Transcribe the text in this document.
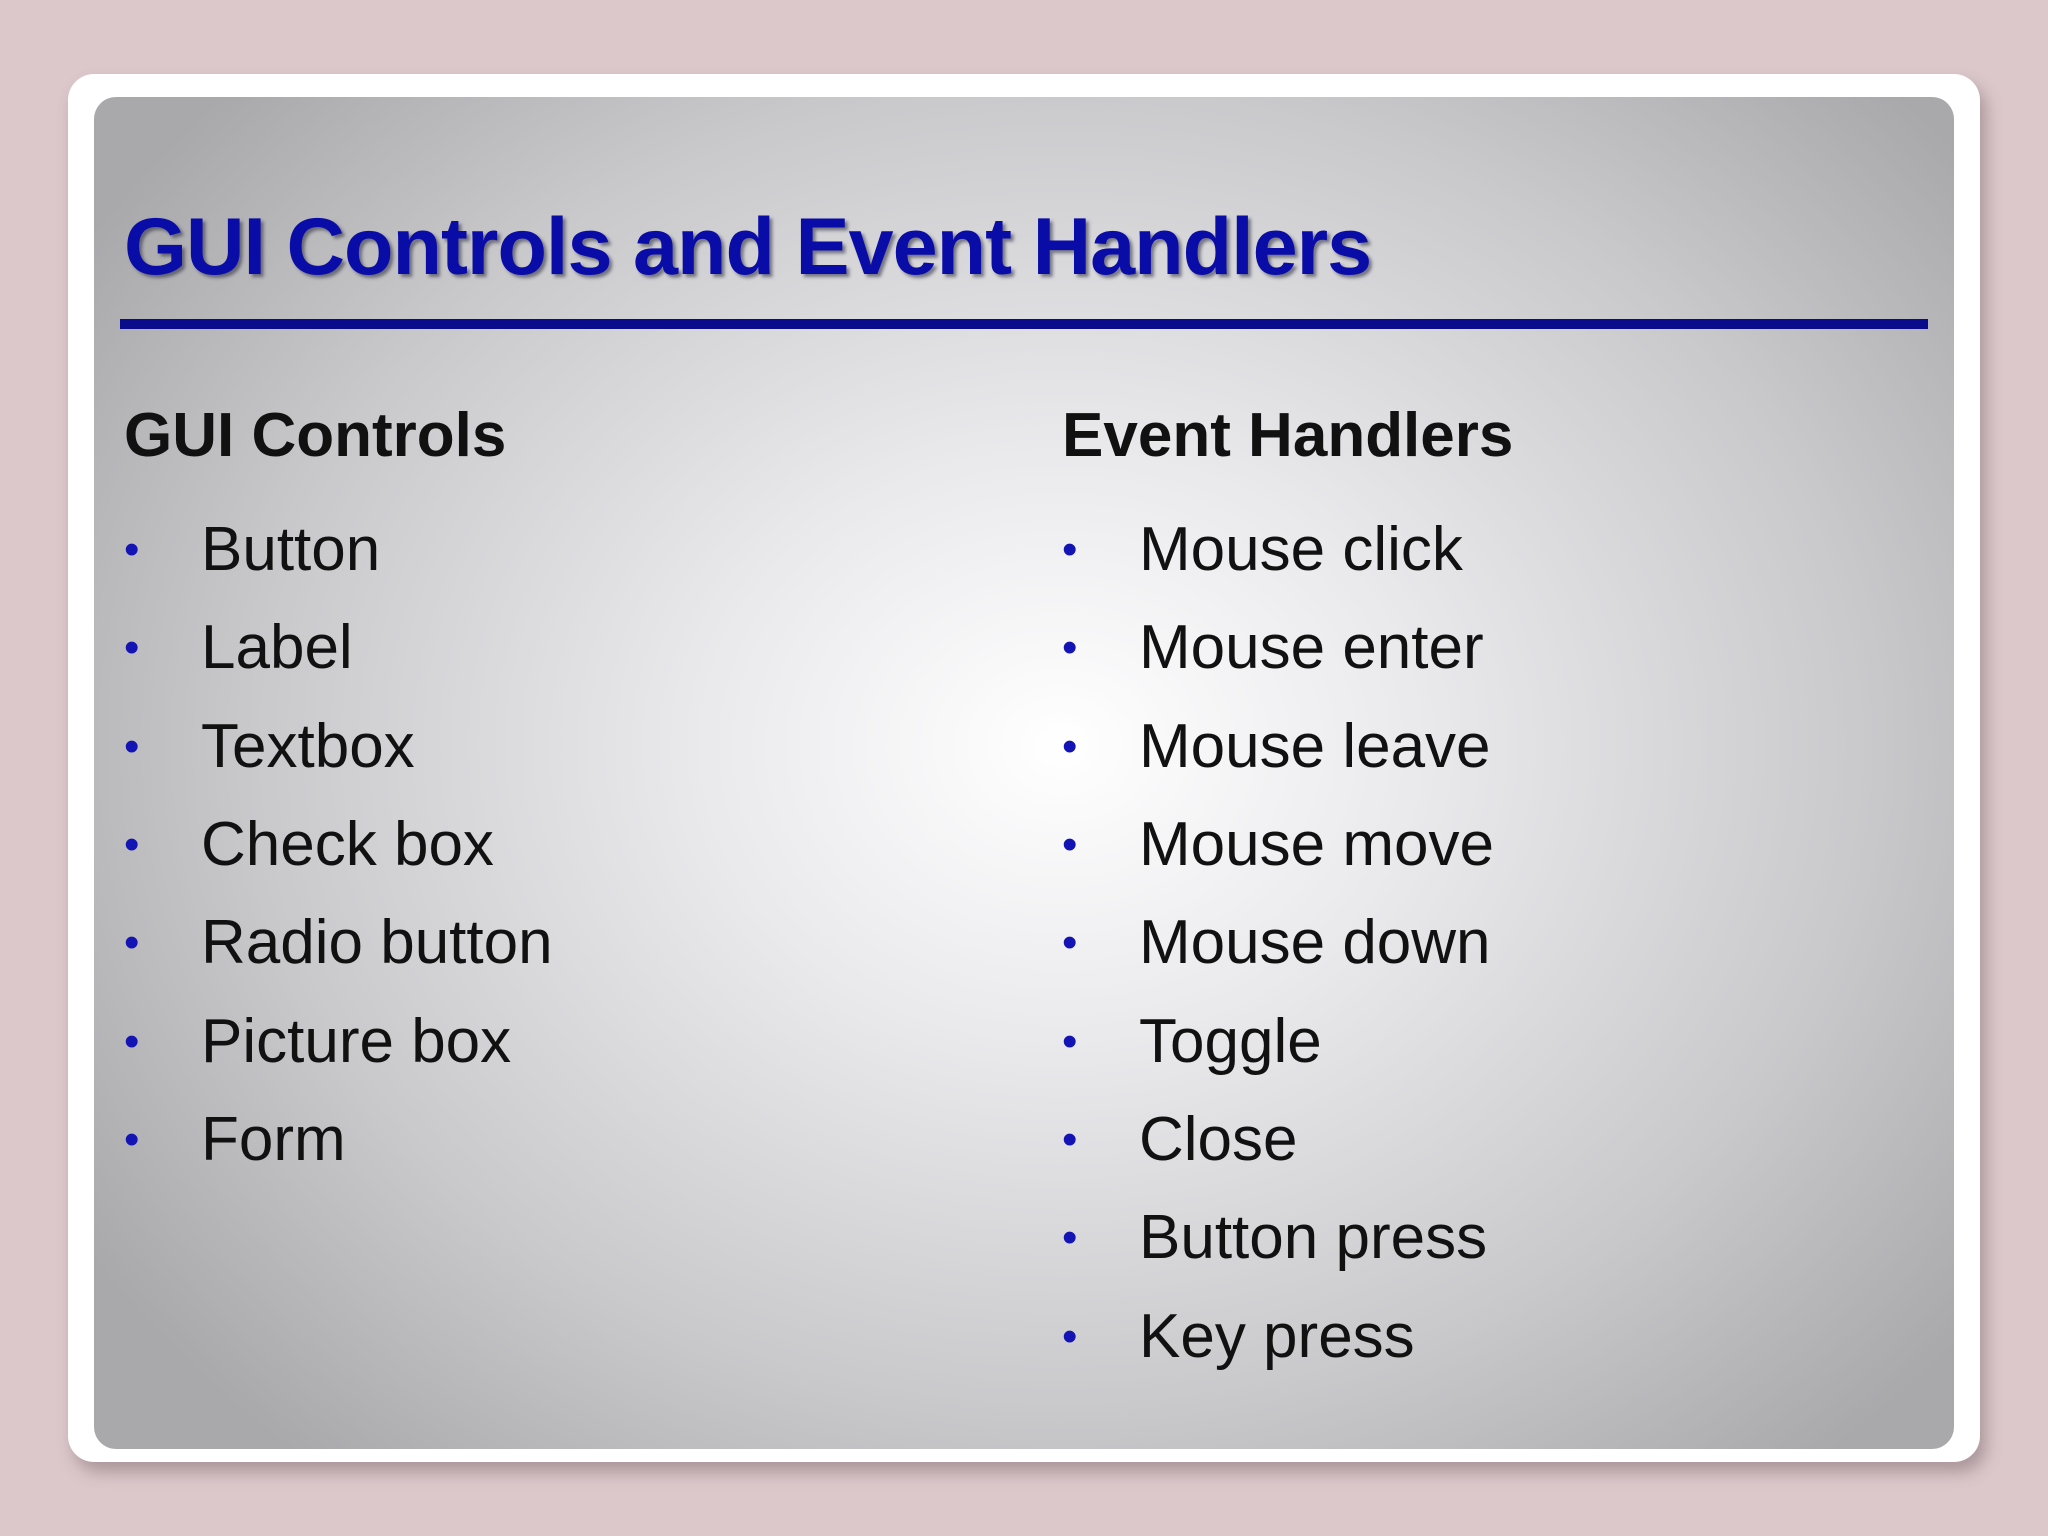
GUI Controls and Event Handlers
GUI Controls
• Button
• Label
• Textbox
• Check box
• Radio button
• Picture box
• Form
Event Handlers
• Mouse click
• Mouse enter
• Mouse leave
• Mouse move
• Mouse down
• Toggle
• Close
• Button press
• Key press
